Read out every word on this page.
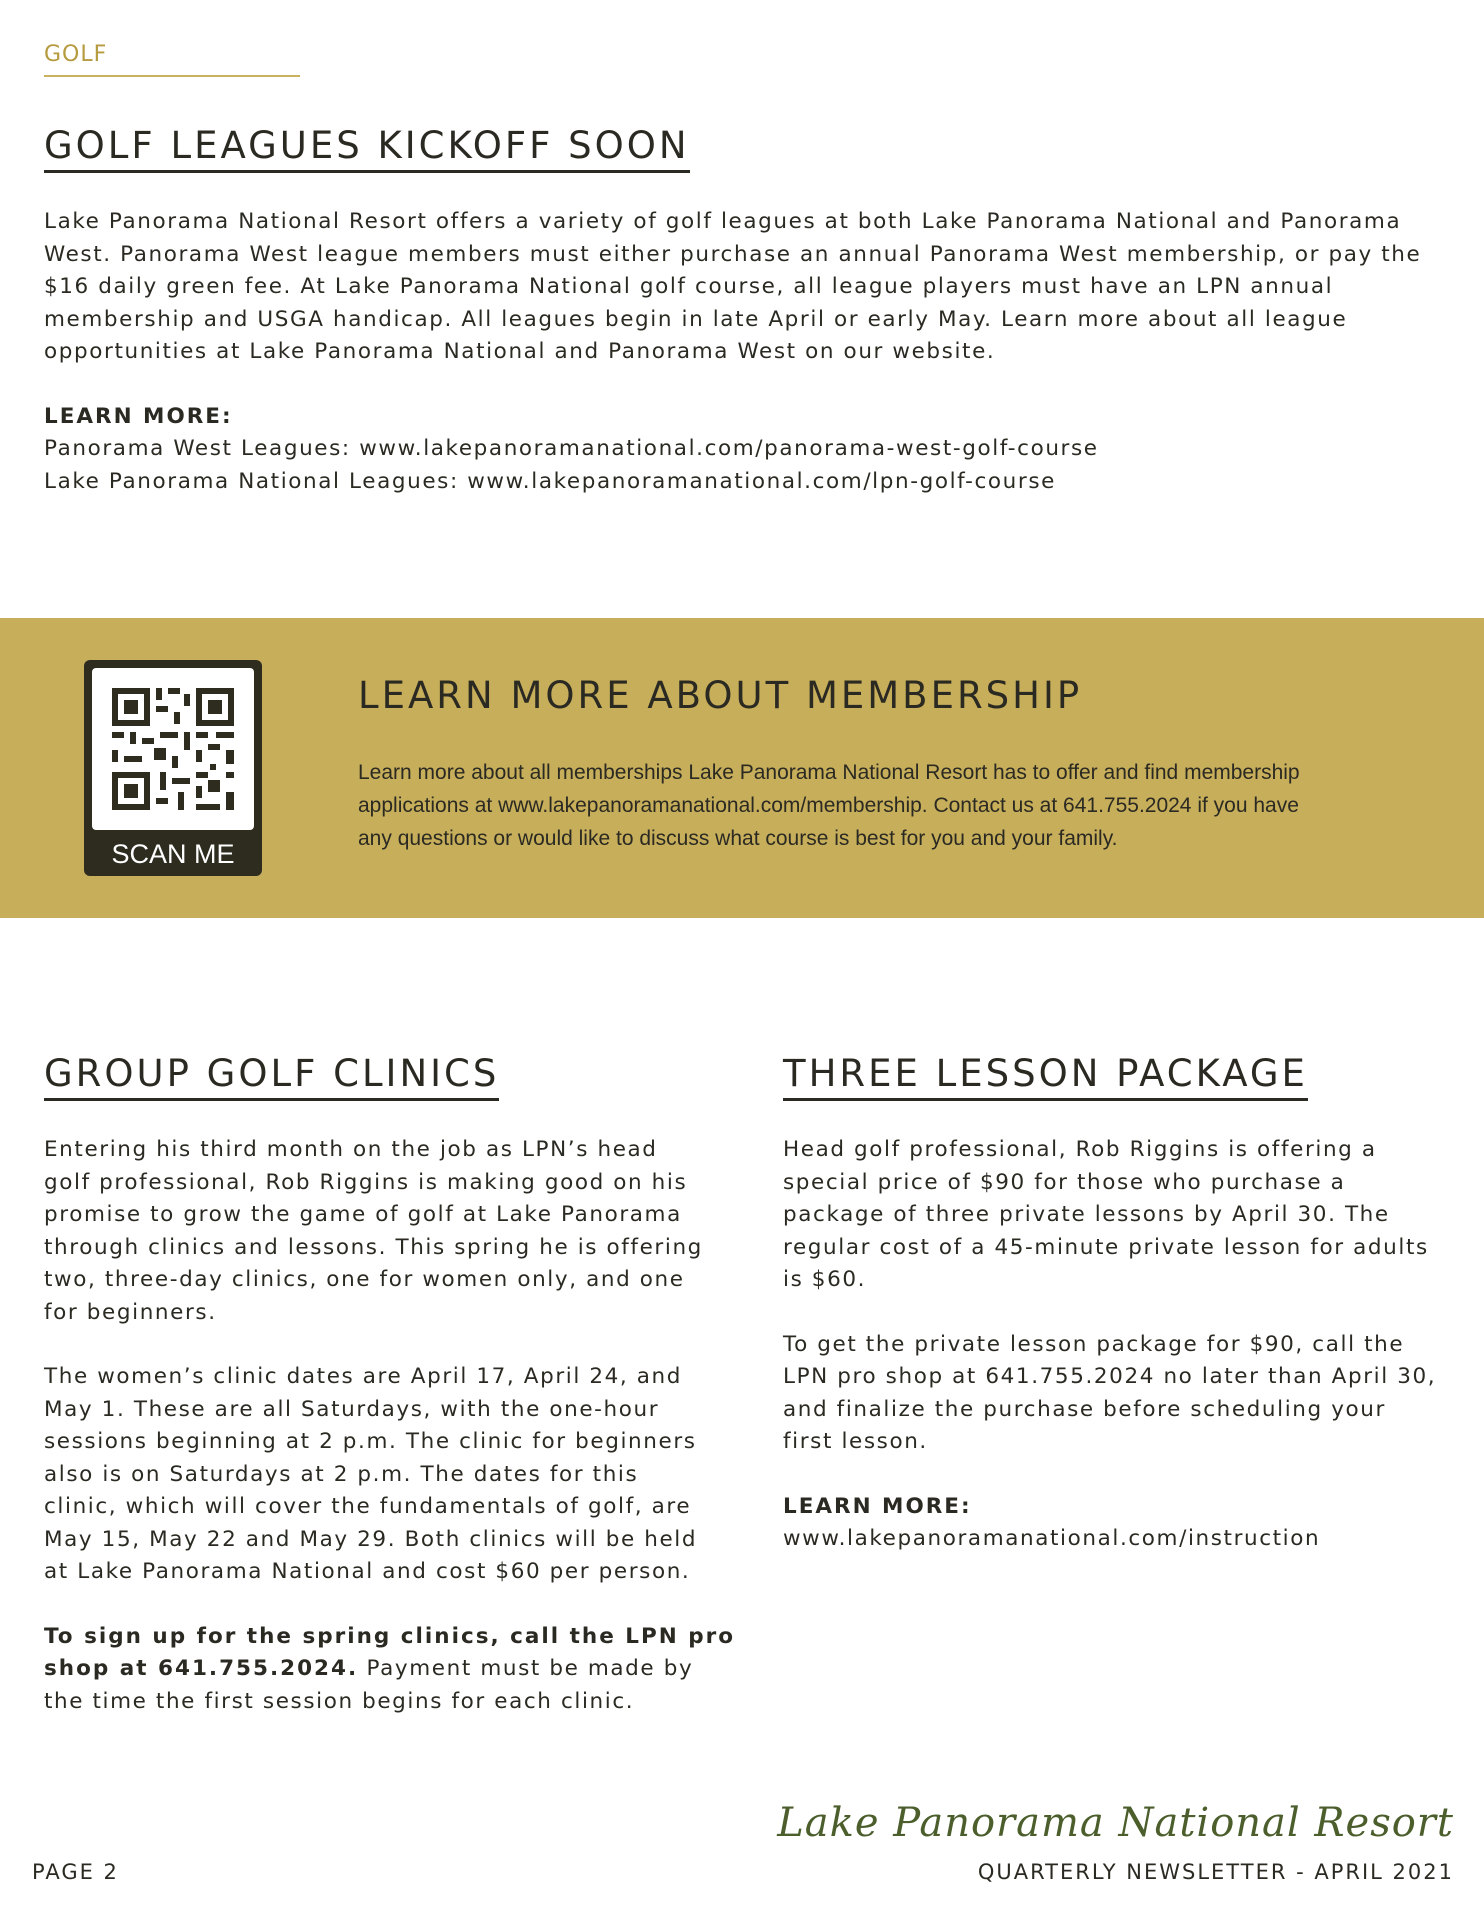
GOLF
GOLF LEAGUES KICKOFF SOON

Lake Panorama National Resort offers a variety of golf leagues at both Lake Panorama National and Panorama

West. Panorama West league members must either purchase an annual Panorama West membership, or pay the

$16 daily green fee. At Lake Panorama National golf course, all league players must have an LPN annual

membership and USGA handicap. All leagues begin in late April or early May. Learn more about all league

opportunities at Lake Panorama National and Panorama West on our website.

LEARN MORE:

Panorama West Leagues: www.lakepanoramanational.com/panorama-west-golf-course

Lake Panorama National Leagues: www.lakepanoramanational.com/lpn-golf-course

SCAN ME
LEARN MORE ABOUT MEMBERSHIP
Learn more about all memberships Lake Panorama National Resort has to offer and find membership
applications at www.lakepanoramanational.com/membership. Contact us at 641.755.2024 if you have
any questions or would like to discuss what course is best for you and your family.
GROUP GOLF CLINICS

Entering his third month on the job as LPN’s head

golf professional, Rob Riggins is making good on his

promise to grow the game of golf at Lake Panorama

through clinics and lessons. This spring he is offering

two, three-day clinics, one for women only, and one

for beginners.

The women’s clinic dates are April 17, April 24, and

May 1. These are all Saturdays, with the one-hour

sessions beginning at 2 p.m. The clinic for beginners

also is on Saturdays at 2 p.m. The dates for this

clinic, which will cover the fundamentals of golf, are

May 15, May 22 and May 29. Both clinics will be held

at Lake Panorama National and cost $60 per person.

To sign up for the spring clinics, call the LPN pro

shop at 641.755.2024. Payment must be made by

the time the first session begins for each clinic.

THREE LESSON PACKAGE

Head golf professional, Rob Riggins is offering a

special price of $90 for those who purchase a

package of three private lessons by April 30. The

regular cost of a 45-minute private lesson for adults

is $60.

To get the private lesson package for $90, call the

LPN pro shop at 641.755.2024 no later than April 30,

and finalize the purchase before scheduling your

first lesson.

LEARN MORE:

www.lakepanoramanational.com/instruction

PAGE 2
Lake Panorama National Resort
QUARTERLY NEWSLETTER - APRIL 2021
